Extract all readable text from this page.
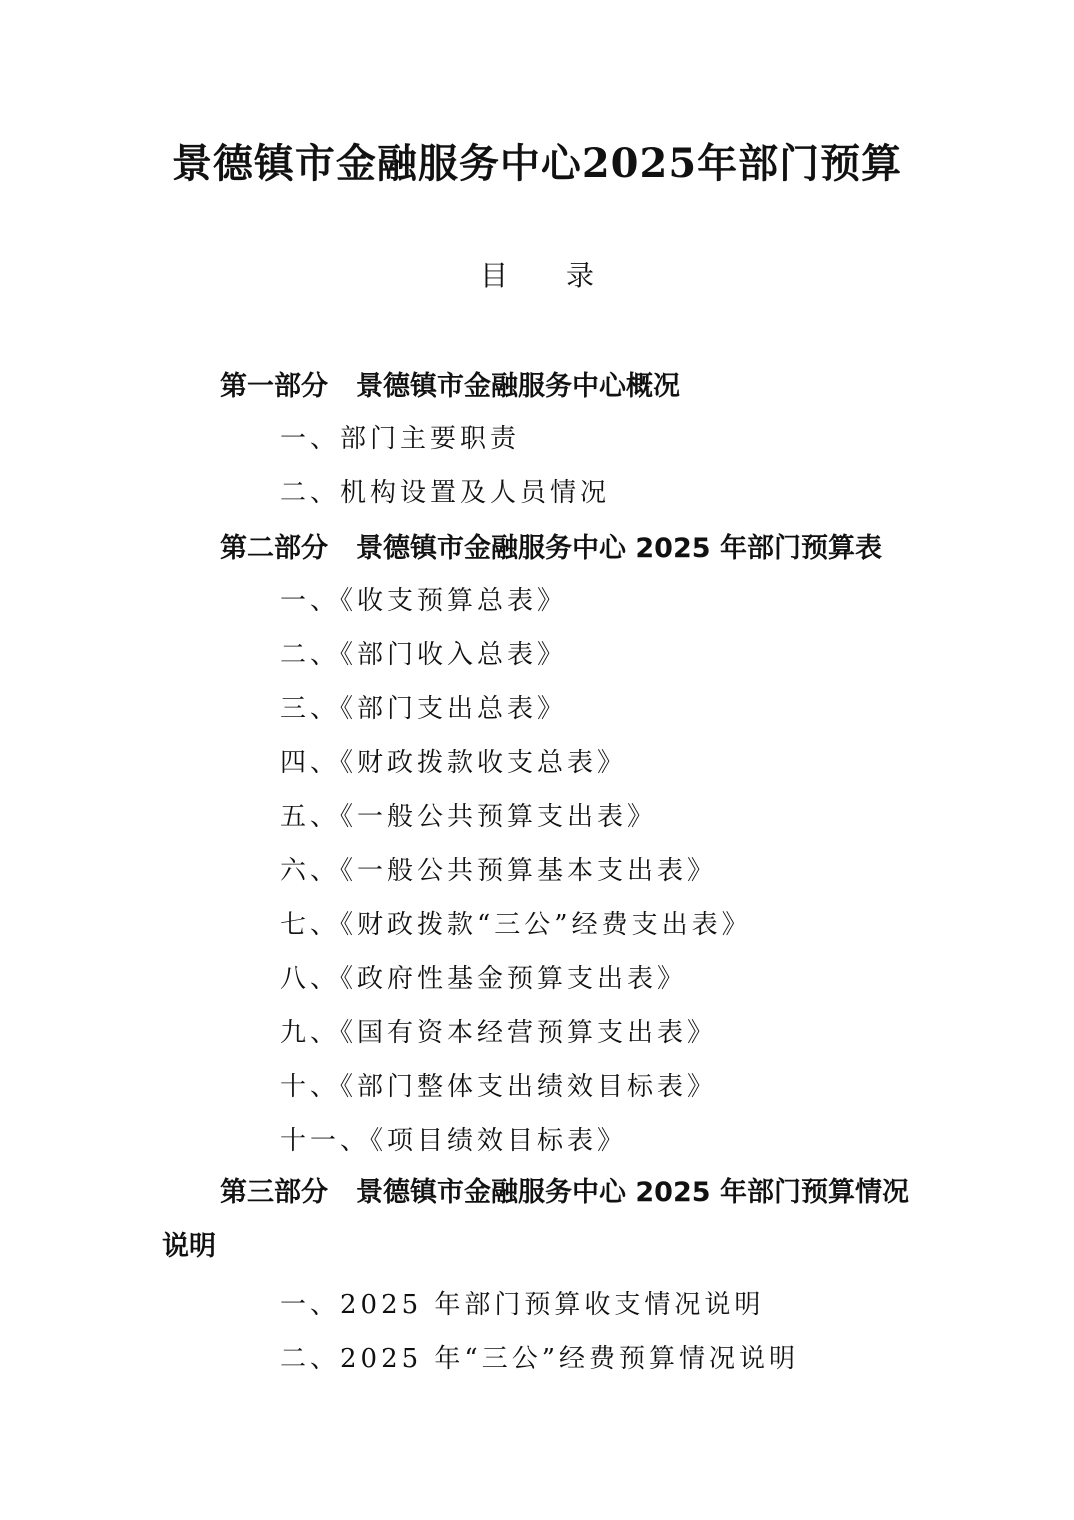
景德镇市金融服务中心2025年部门预算
目录
第一部分 景德镇市金融服务中心概况
一、部门主要职责
二、机构设置及人员情况
第二部分 景德镇市金融服务中心 2025 年部门预算表
一、《收支预算总表》
二、《部门收入总表》
三、《部门支出总表》
四、《财政拨款收支总表》
五、《一般公共预算支出表》
六、《一般公共预算基本支出表》
七、《财政拨款“三公”经费支出表》
八、《政府性基金预算支出表》
九、《国有资本经营预算支出表》
十、《部门整体支出绩效目标表》
十一、《项目绩效目标表》
第三部分 景德镇市金融服务中心 2025 年部门预算情况说明
一、2025 年部门预算收支情况说明
二、2025 年“三公”经费预算情况说明
